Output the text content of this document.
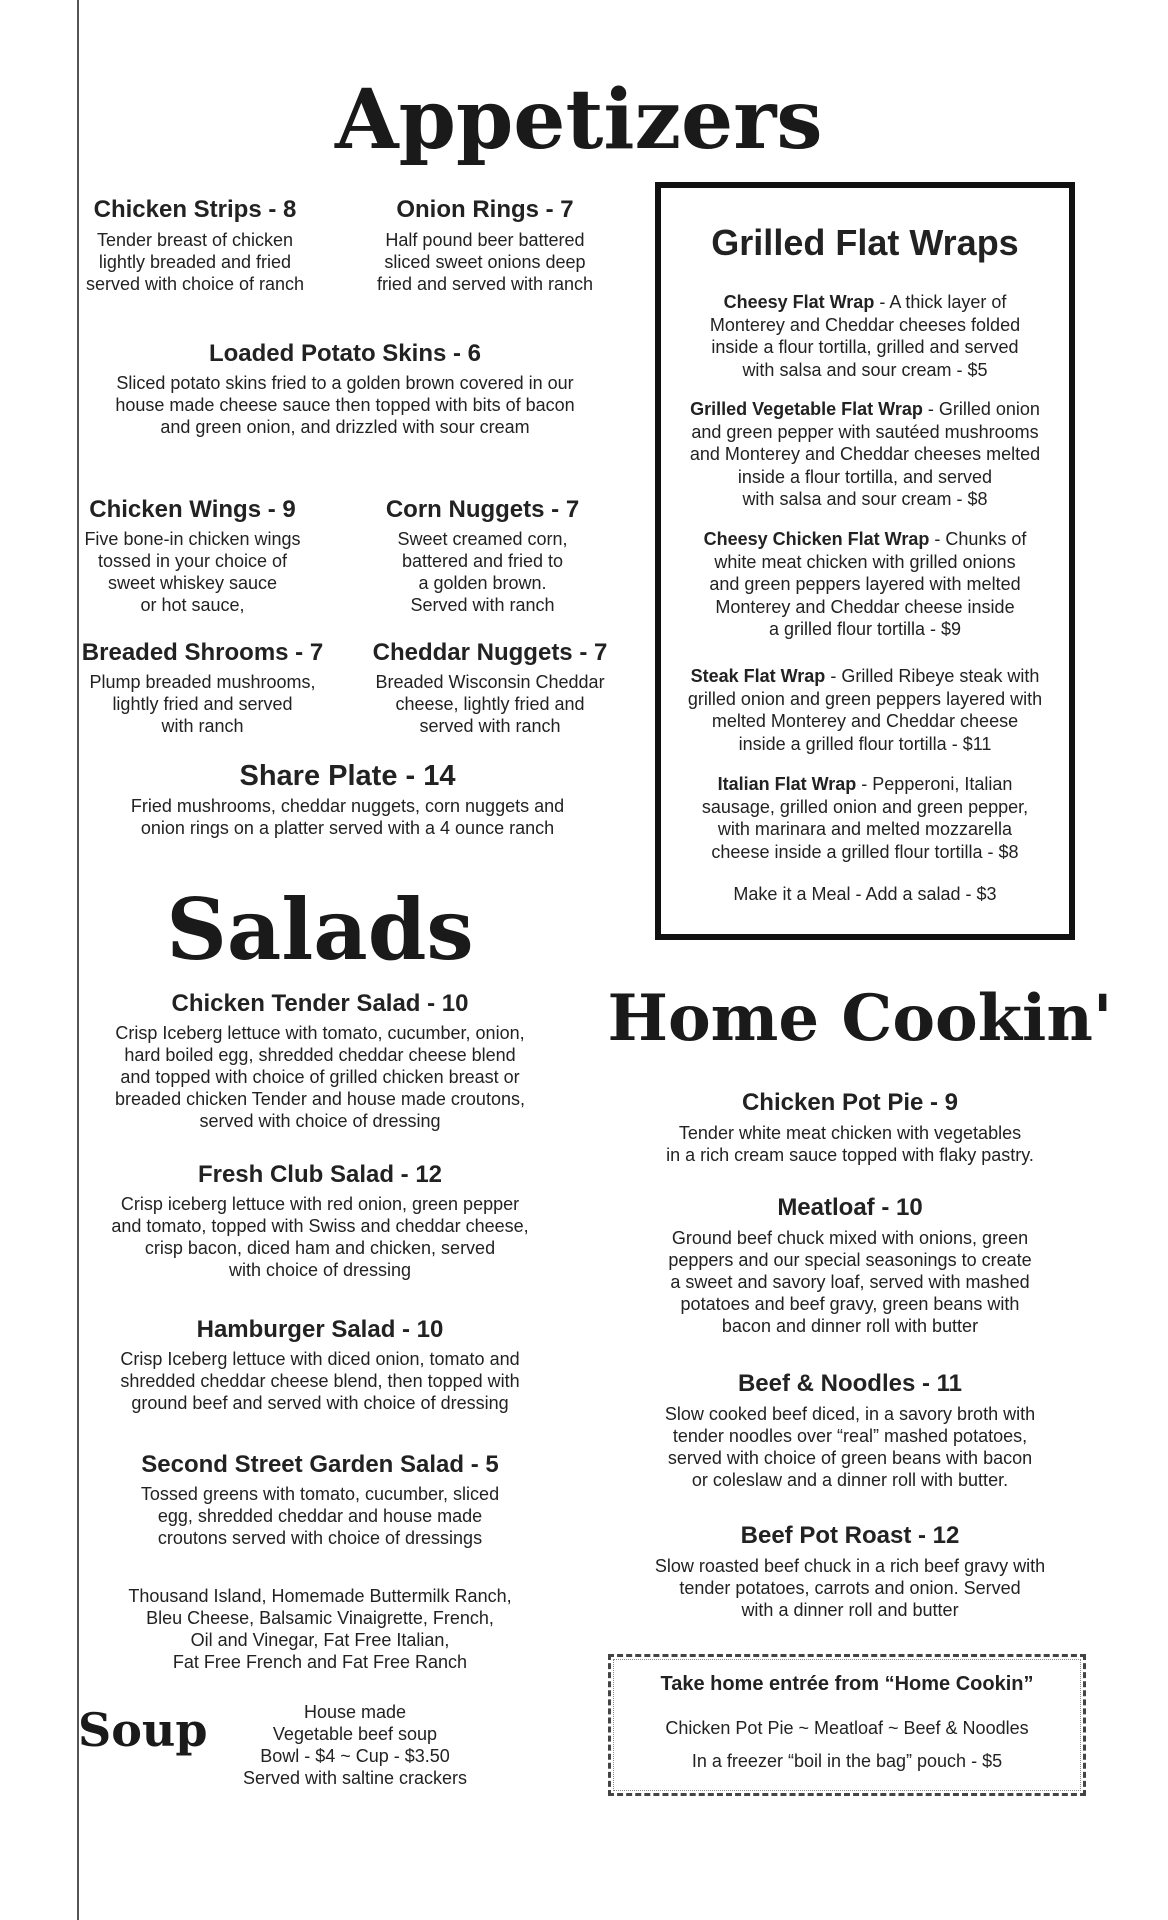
Appetizers

Chicken Strips - 8

Tender breast of chicken
lightly breaded and fried
served with choice of ranch

Onion Rings - 7

Half pound beer battered
sliced sweet onions deep
fried and served with ranch

Loaded Potato Skins - 6

Sliced potato skins fried to a golden brown covered in our
house made cheese sauce then topped with bits of bacon
and green onion, and drizzled with sour cream

Chicken Wings - 9

Five bone-in chicken wings
tossed in your choice of
sweet whiskey sauce
or hot sauce,

Corn Nuggets - 7

Sweet creamed corn,
battered and fried to
a golden brown.
Served with ranch

Breaded Shrooms - 7

Plump breaded mushrooms,
lightly fried and served
with ranch

Cheddar Nuggets - 7

Breaded Wisconsin Cheddar
cheese, lightly fried and
served with ranch

Share Plate - 14

Fried mushrooms, cheddar nuggets, corn nuggets and
onion rings on a platter served with a 4 ounce ranch

Grilled Flat Wraps

Cheesy Flat Wrap - A thick layer of
Monterey and Cheddar cheeses folded
inside a flour tortilla, grilled and served
with salsa and sour cream - $5

Grilled Vegetable Flat Wrap - Grilled onion
and green pepper with sautéed mushrooms
and Monterey and Cheddar cheeses melted
inside a flour tortilla, and served
with salsa and sour cream - $8

Cheesy Chicken Flat Wrap - Chunks of
white meat chicken with grilled onions
and green peppers layered with melted
Monterey and Cheddar cheese inside
a grilled flour tortilla - $9

Steak Flat Wrap - Grilled Ribeye steak with
grilled onion and green peppers layered with
melted Monterey and Cheddar cheese
inside a grilled flour tortilla - $11

Italian Flat Wrap - Pepperoni, Italian
sausage, grilled onion and green pepper,
with marinara and melted mozzarella
cheese inside a grilled flour tortilla - $8

Make it a Meal - Add a salad - $3

Salads

Chicken Tender Salad - 10

Crisp Iceberg lettuce with tomato, cucumber, onion,
hard boiled egg, shredded cheddar cheese blend
and topped with choice of grilled chicken breast or
breaded chicken Tender and house made croutons,
served with choice of dressing

Fresh Club Salad - 12

Crisp iceberg lettuce with red onion, green pepper
and tomato, topped with Swiss and cheddar cheese,
crisp bacon, diced ham and chicken, served
with choice of dressing

Hamburger Salad - 10

Crisp Iceberg lettuce with diced onion, tomato and
shredded cheddar cheese blend, then topped with
ground beef and served with choice of dressing

Second Street Garden Salad - 5

Tossed greens with tomato, cucumber, sliced
egg, shredded cheddar and house made
croutons served with choice of dressings

Thousand Island, Homemade Buttermilk Ranch,
Bleu Cheese, Balsamic Vinaigrette, French,
Oil and Vinegar, Fat Free Italian,
Fat Free French and Fat Free Ranch

Soup	House made
Vegetable beef soup
Bowl - $4 ~ Cup - $3.50
Served with saltine crackers

Home Cookin'

Chicken Pot Pie - 9

Tender white meat chicken with vegetables
in a rich cream sauce topped with flaky pastry.

Meatloaf - 10

Ground beef chuck mixed with onions, green
peppers and our special seasonings to create
a sweet and savory loaf, served with mashed
potatoes and beef gravy, green beans with
bacon and dinner roll with butter

Beef & Noodles - 11

Slow cooked beef diced, in a savory broth with
tender noodles over “real” mashed potatoes,
served with choice of green beans with bacon
or coleslaw and a dinner roll with butter.

Beef Pot Roast - 12

Slow roasted beef chuck in a rich beef gravy with
tender potatoes, carrots and onion. Served
with a dinner roll and butter

Take home entrée from “Home Cookin”

Chicken Pot Pie ~ Meatloaf ~ Beef & Noodles

In a freezer “boil in the bag” pouch - $5
